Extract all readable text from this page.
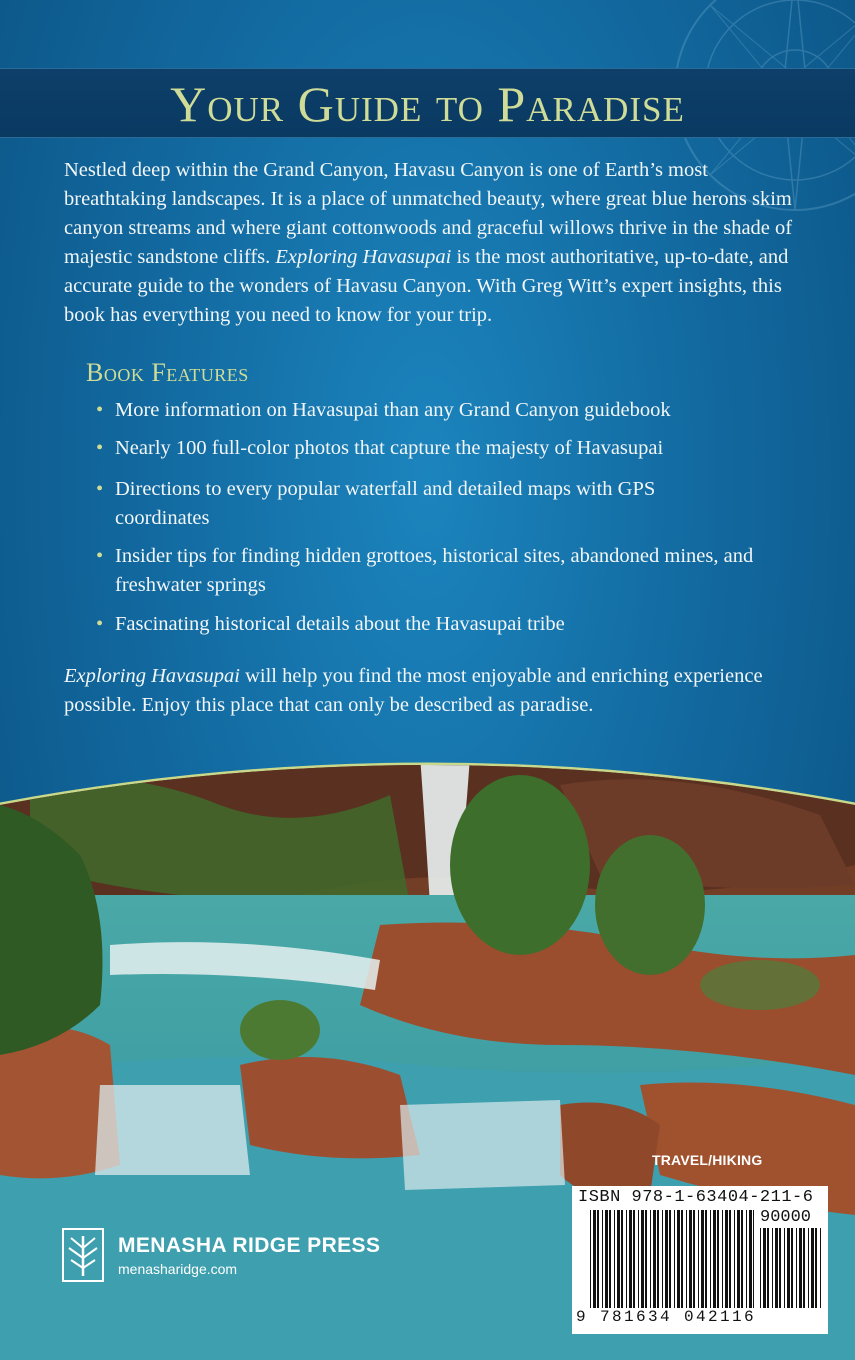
Your Guide to Paradise

Nestled deep within the Grand Canyon, Havasu Canyon is one of Earth’s most breathtaking landscapes. It is a place of unmatched beauty, where great blue herons skim canyon streams and where giant cottonwoods and graceful willows thrive in the shade of majestic sandstone cliffs. Exploring Havasupai is the most authoritative, up-to-date, and accurate guide to the wonders of Havasu Canyon. With Greg Witt’s expert insights, this book has everything you need to know for your trip.

Book Features
• More information on Havasupai than any Grand Canyon guidebook
• Nearly 100 full-color photos that capture the majesty of Havasupai
• Directions to every popular waterfall and detailed maps with GPS coordinates
• Insider tips for finding hidden grottoes, historical sites, abandoned mines, and freshwater springs
• Fascinating historical details about the Havasupai tribe

Exploring Havasupai will help you find the most enjoyable and enriching experience possible. Enjoy this place that can only be described as paradise.

TRAVEL/HIKING
ISBN 978-1-63404-211-6
90000
9 781634 042116
MENASHA RIDGE PRESS
menasharidge.com
